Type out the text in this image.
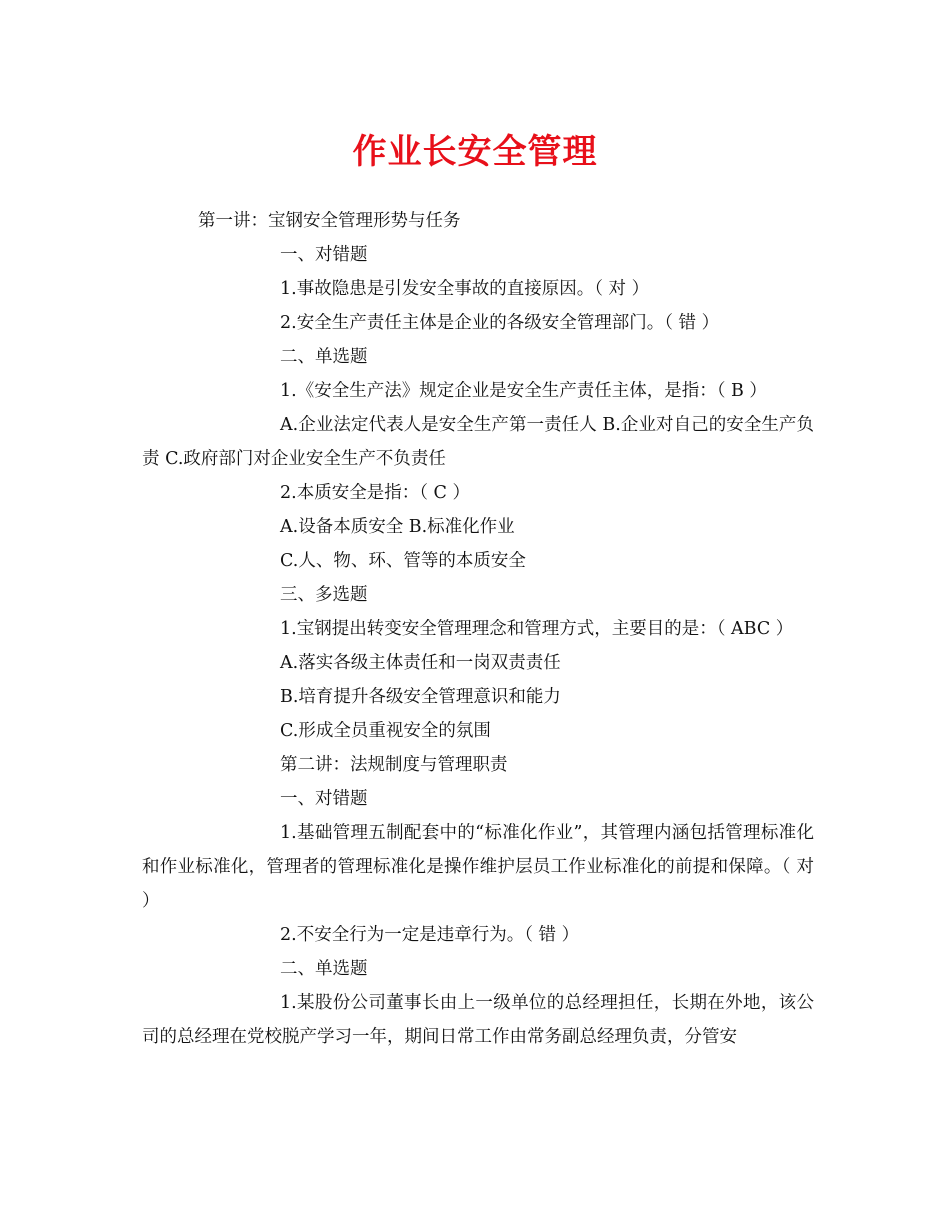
作业长安全管理

第一讲：宝钢安全管理形势与任务

一、对错题

1.事故隐患是引发安全事故的直接原因。（ 对 ）

2.安全生产责任主体是企业的各级安全管理部门。（ 错 ）

二、单选题

1.《安全生产法》规定企业是安全生产责任主体，是指：（ B ）

A.企业法定代表人是安全生产第一责任人 B.企业对自己的安全生产负责 C.政府部门对企业安全生产不负责任

2.本质安全是指：（ C ）

A.设备本质安全 B.标准化作业

C.人、物、环、管等的本质安全

三、多选题

1.宝钢提出转变安全管理理念和管理方式，主要目的是：（ ABC ）

A.落实各级主体责任和一岗双责责任

B.培育提升各级安全管理意识和能力

C.形成全员重视安全的氛围

第二讲：法规制度与管理职责

一、对错题

1.基础管理五制配套中的“标准化作业”，其管理内涵包括管理标准化和作业标准化，管理者的管理标准化是操作维护层员工作业标准化的前提和保障。（ 对 ）

2.不安全行为一定是违章行为。（ 错 ）

二、单选题

1.某股份公司董事长由上一级单位的总经理担任，长期在外地，该公司的总经理在党校脱产学习一年，期间日常工作由常务副总经理负责，分管安
